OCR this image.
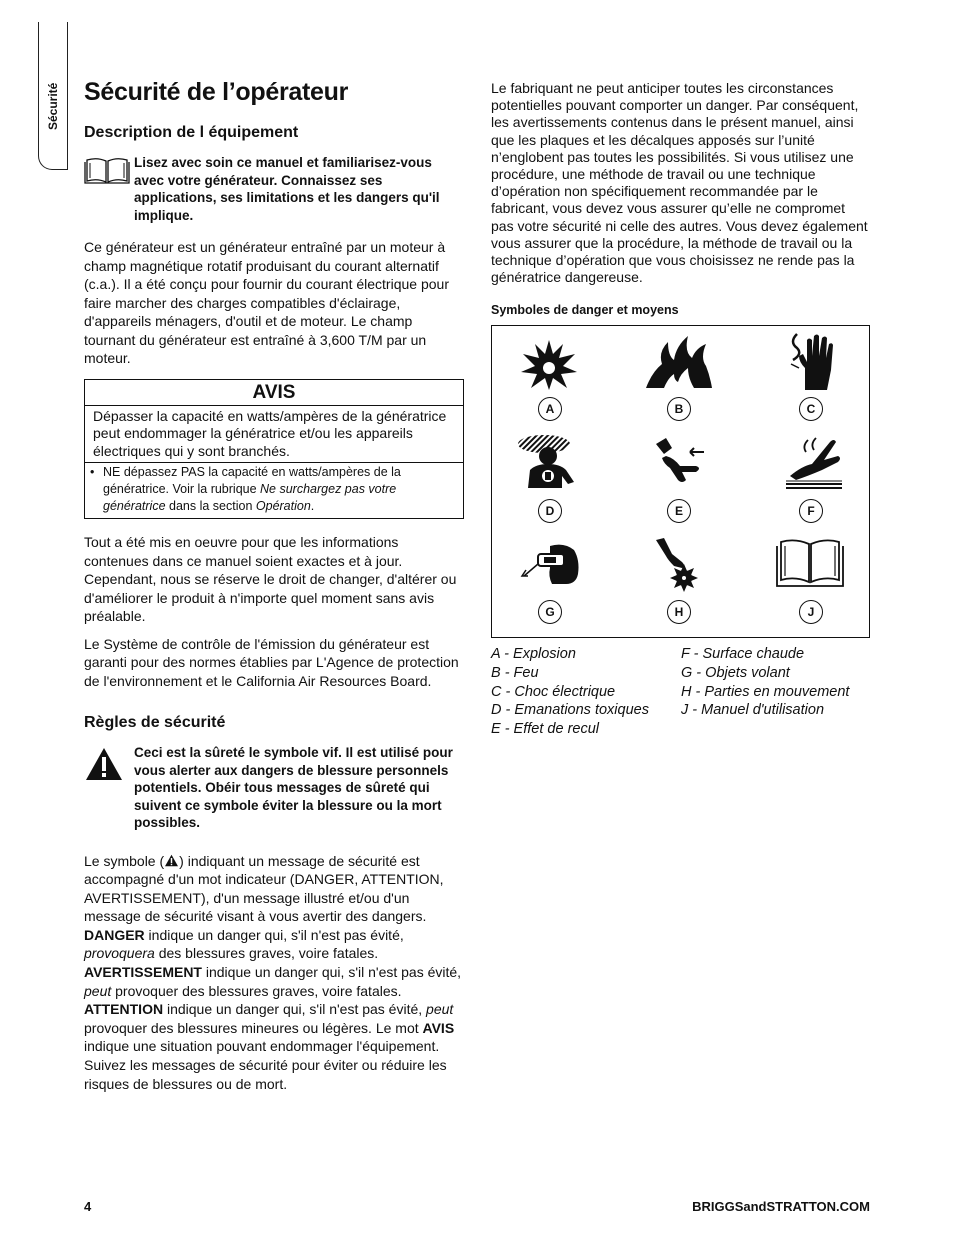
Sécurité Sécurité de l’opérateur
Description de l équipement

Lisez avec soin ce manuel et familiarisez-vous avec votre générateur. Connaissez ses applications, ses limitations et les dangers qu'il implique.

Ce générateur est un générateur entraîné par un moteur à champ magnétique rotatif produisant du courant alternatif (c.a.). Il a été conçu pour fournir du courant électrique pour faire marcher des charges compatibles d'éclairage, d'appareils ménagers, d'outil et de moteur. Le champ tournant du générateur est entraîné à 3,600 T/M par un moteur.

AVIS
Dépasser la capacité en watts/ampères de la génératrice peut endommager la génératrice et/ou les appareils électriques qui y sont branchés.
• NE dépassez PAS la capacité en watts/ampères de la génératrice. Voir la rubrique Ne surchargez pas votre génératrice dans la section Opération.

Tout a été mis en oeuvre pour que les informations contenues dans ce manuel soient exactes et à jour. Cependant, nous se réserve le droit de changer, d'altérer ou d'améliorer le produit à n'importe quel moment sans avis préalable.

Le Système de contrôle de l'émission du générateur est garanti pour des normes établies par L'Agence de protection de l'environnement et le California Air Resources Board.

Règles de sécurité

Ceci est la sûreté le symbole vif. Il est utilisé pour vous alerter aux dangers de blessure personnels potentiels. Obéir tous messages de sûreté qui suivent ce symbole éviter la blessure ou la mort possibles.

Le symbole ( ) indiquant un message de sécurité est accompagné d'un mot indicateur (DANGER, ATTENTION, AVERTISSEMENT), d'un message illustré et/ou d'un message de sécurité visant à vous avertir des dangers.

DANGER indique un danger qui, s'il n'est pas évité, provoquera des blessures graves, voire fatales.

AVERTISSEMENT indique un danger qui, s'il n'est pas évité, peut provoquer des blessures graves, voire fatales.

ATTENTION indique un danger qui, s'il n'est pas évité, peut provoquer des blessures mineures ou légères. Le mot AVIS indique une situation pouvant endommager l'équipement.

Suivez les messages de sécurité pour éviter ou réduire les risques de blessures ou de mort.

Le fabriquant ne peut anticiper toutes les circonstances potentielles pouvant comporter un danger. Par conséquent, les avertissements contenus dans le présent manuel, ainsi que les plaques et les décalques apposés sur l’unité n’englobent pas toutes les possibilités. Si vous utilisez une procédure, une méthode de travail ou une technique d’opération non spécifiquement recommandée par le fabricant, vous devez vous assurer qu’elle ne compromet pas votre sécurité ni celle des autres. Vous devez également vous assurer que la procédure, la méthode de travail ou la technique d’opération que vous choisissez ne rende pas la génératrice dangereuse.

Symboles de danger et moyens
A	B	C
D	E	F
G	H	J
A - Explosion
B - Feu
C - Choc électrique
D - Emanations toxiques
E - Effet de recul
F - Surface chaude
G - Objets volant
H - Parties en mouvement
J - Manuel d'utilisation
4	BRIGGSandSTRATTON.COM
